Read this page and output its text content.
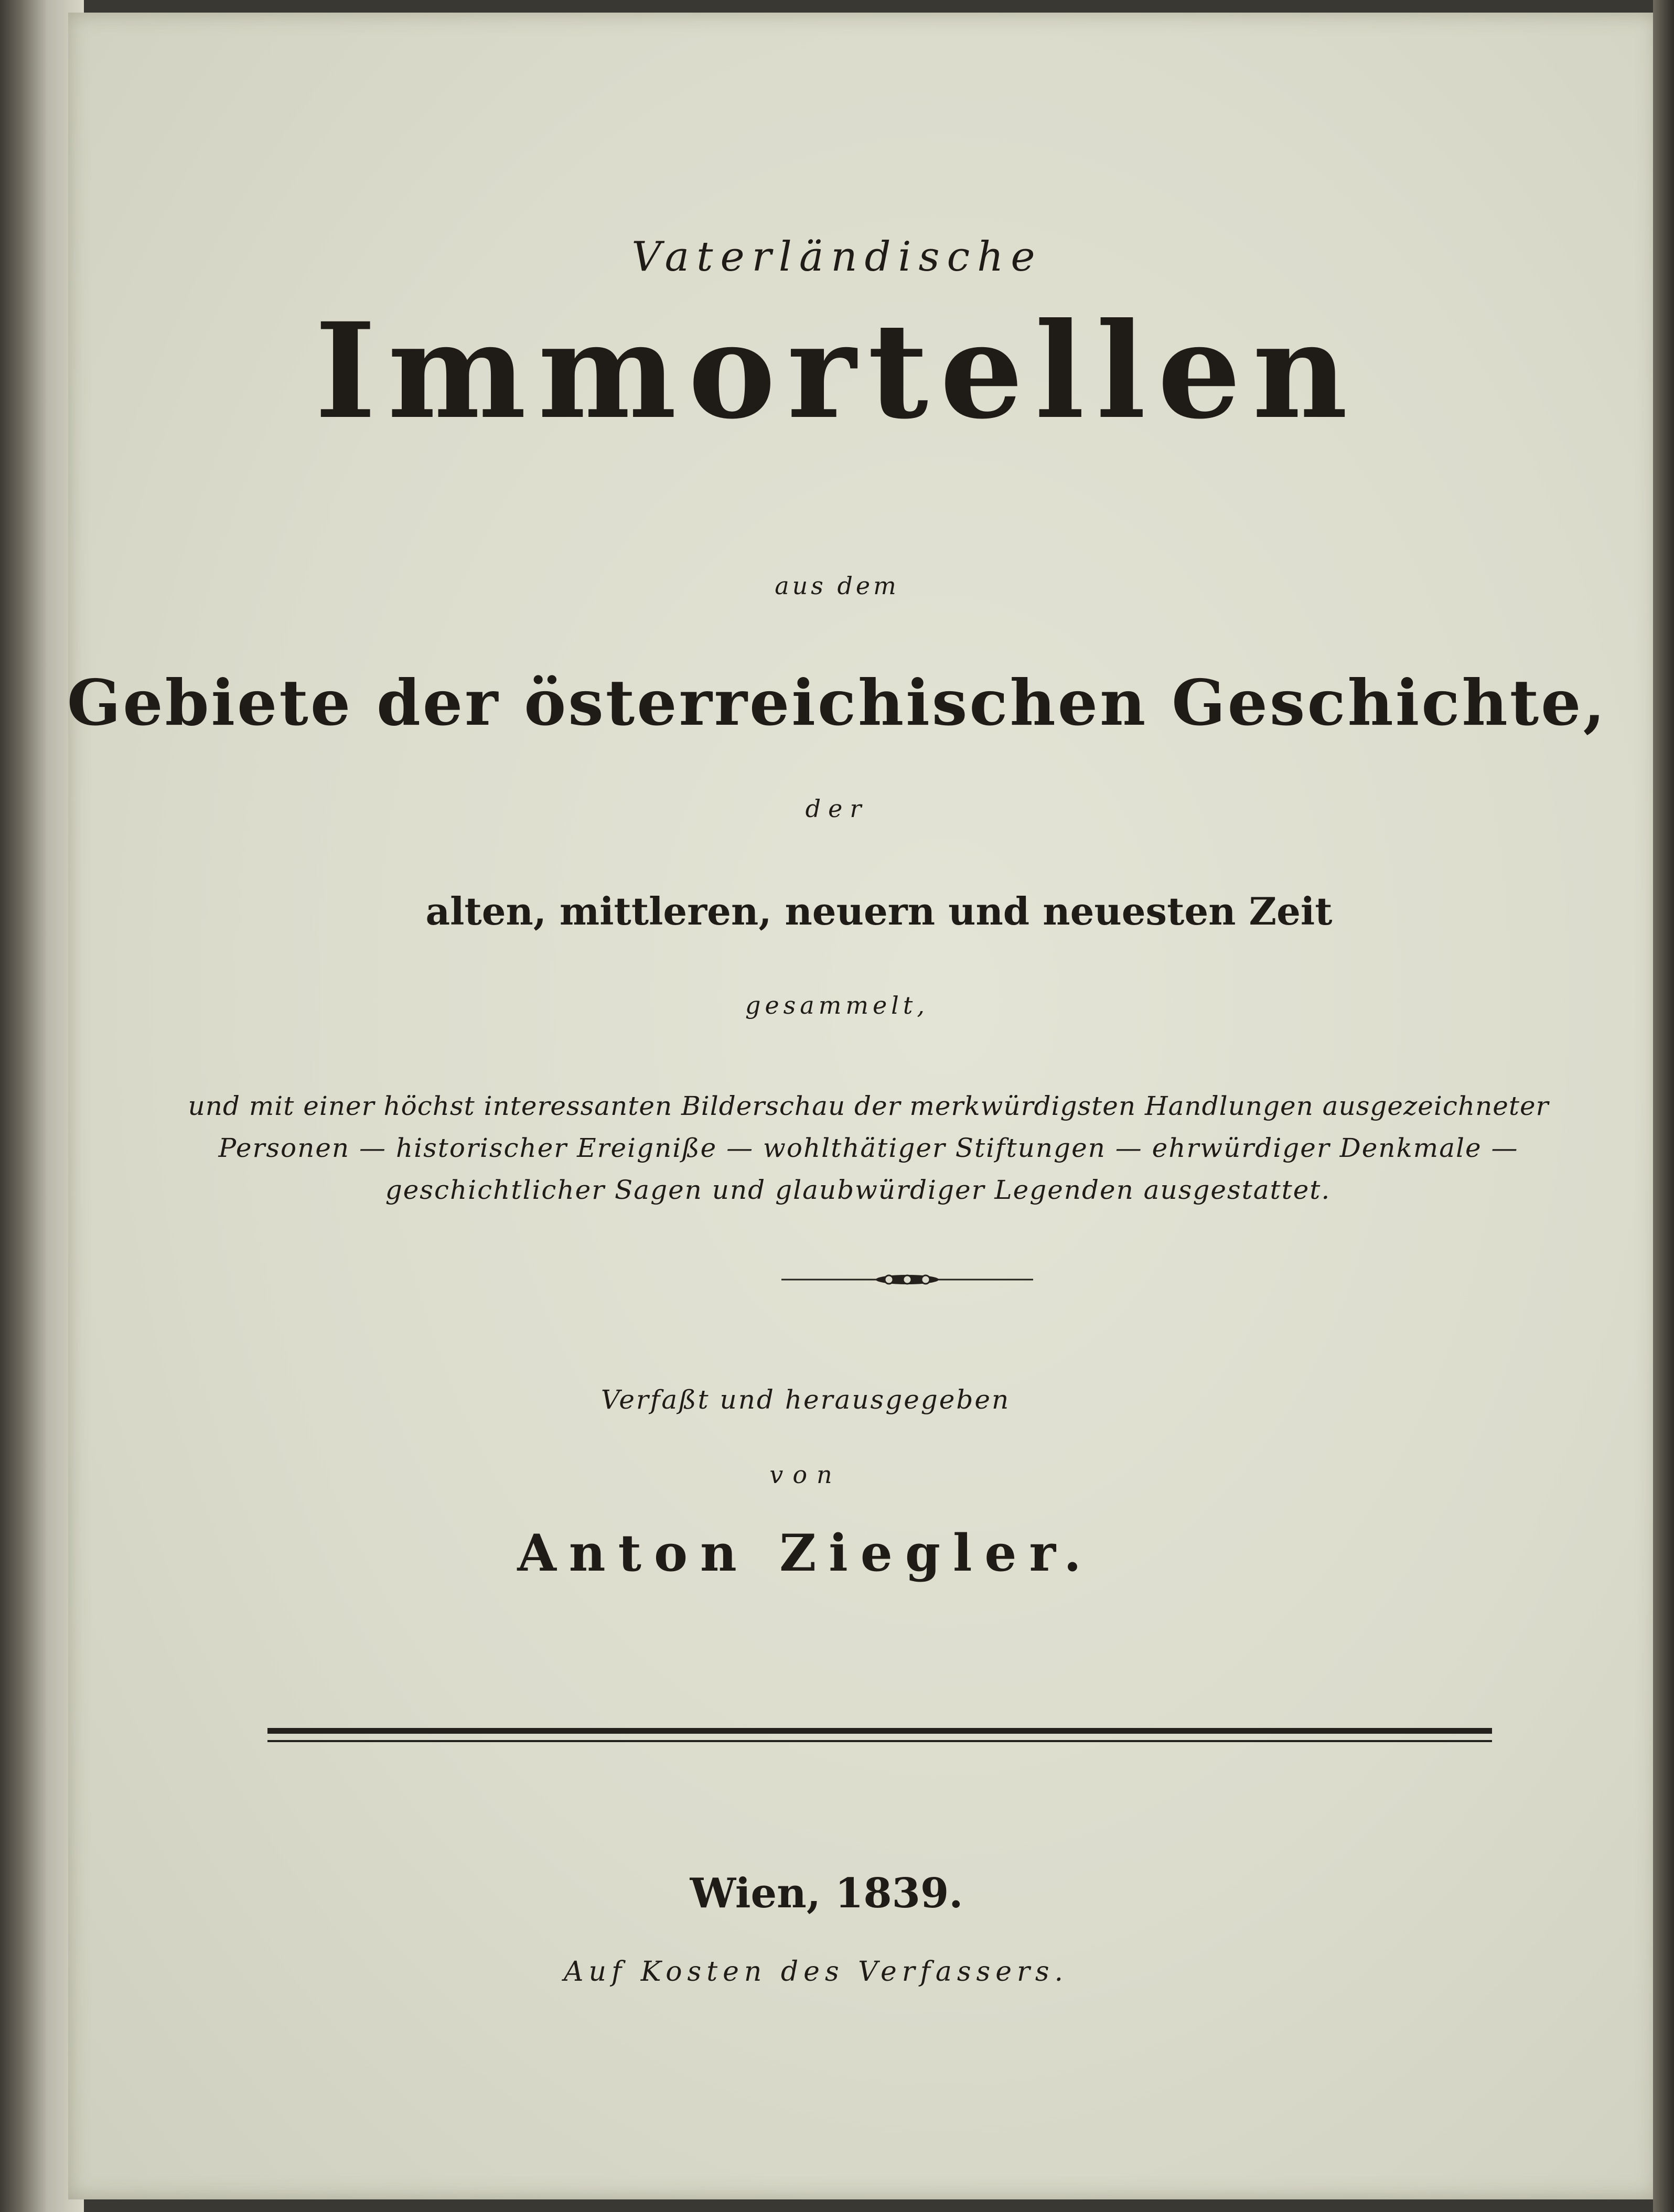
Vaterländische
Immortellen
aus dem
Gebiete der österreichischen Geschichte,
der
alten, mittleren, neuern und neuesten Zeit
gesammelt,
und mit einer höchst interessanten Bilderschau der merkwürdigsten Handlungen ausgezeichneter
Personen — historischer Ereigniße — wohlthätiger Stiftungen — ehrwürdiger Denkmale —
geschichtlicher Sagen und glaubwürdiger Legenden ausgestattet.
Verfaßt und herausgegeben
von
Anton Ziegler.
Wien, 1839.
Auf Kosten des Verfassers.
